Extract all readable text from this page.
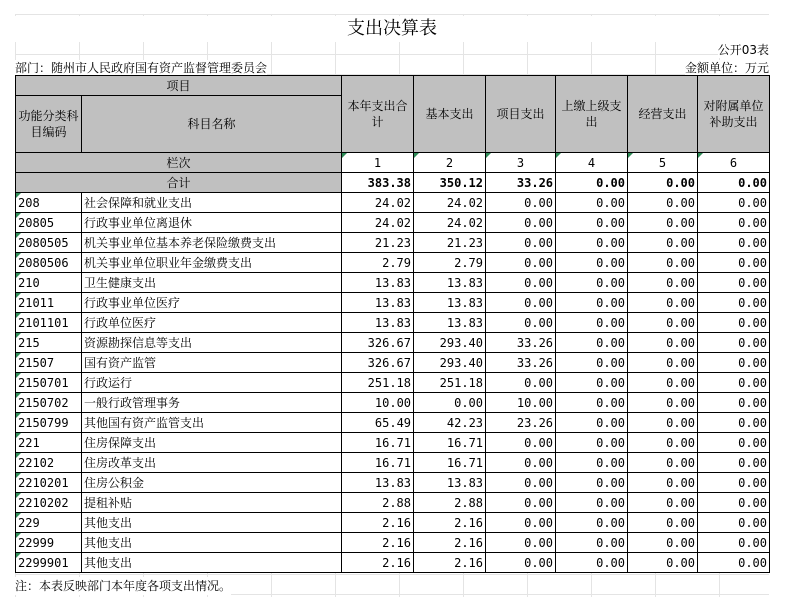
支出决算表
公开03表
部门：随州市人民政府国有资产监督管理委员会	金额单位：万元
项目		本年支出合计	基本支出	项目支出	上缴上级支出	经营支出	对附属单位补助支出
功能分类科目编码	科目名称						

栏次		1	2	3	4	5	6
合计		383.38	350.12	33.26	0.00	0.00	0.00
208	社会保障和就业支出	24.02	24.02	0.00	0.00	0.00	0.00
20805	行政事业单位离退休	24.02	24.02	0.00	0.00	0.00	0.00
2080505	机关事业单位基本养老保险缴费支出	21.23	21.23	0.00	0.00	0.00	0.00
2080506	机关事业单位职业年金缴费支出	2.79	2.79	0.00	0.00	0.00	0.00
210	卫生健康支出	13.83	13.83	0.00	0.00	0.00	0.00
21011	行政事业单位医疗	13.83	13.83	0.00	0.00	0.00	0.00
2101101	行政单位医疗	13.83	13.83	0.00	0.00	0.00	0.00
215	资源勘探信息等支出	326.67	293.40	33.26	0.00	0.00	0.00
21507	国有资产监管	326.67	293.40	33.26	0.00	0.00	0.00
2150701	行政运行	251.18	251.18	0.00	0.00	0.00	0.00
2150702	一般行政管理事务	10.00	0.00	10.00	0.00	0.00	0.00
2150799	其他国有资产监管支出	65.49	42.23	23.26	0.00	0.00	0.00
221	住房保障支出	16.71	16.71	0.00	0.00	0.00	0.00
22102	住房改革支出	16.71	16.71	0.00	0.00	0.00	0.00
2210201	住房公积金	13.83	13.83	0.00	0.00	0.00	0.00
2210202	提租补贴	2.88	2.88	0.00	0.00	0.00	0.00
229	其他支出	2.16	2.16	0.00	0.00	0.00	0.00
22999	其他支出	2.16	2.16	0.00	0.00	0.00	0.00
2299901	其他支出	2.16	2.16	0.00	0.00	0.00	0.00
注：本表反映部门本年度各项支出情况。
